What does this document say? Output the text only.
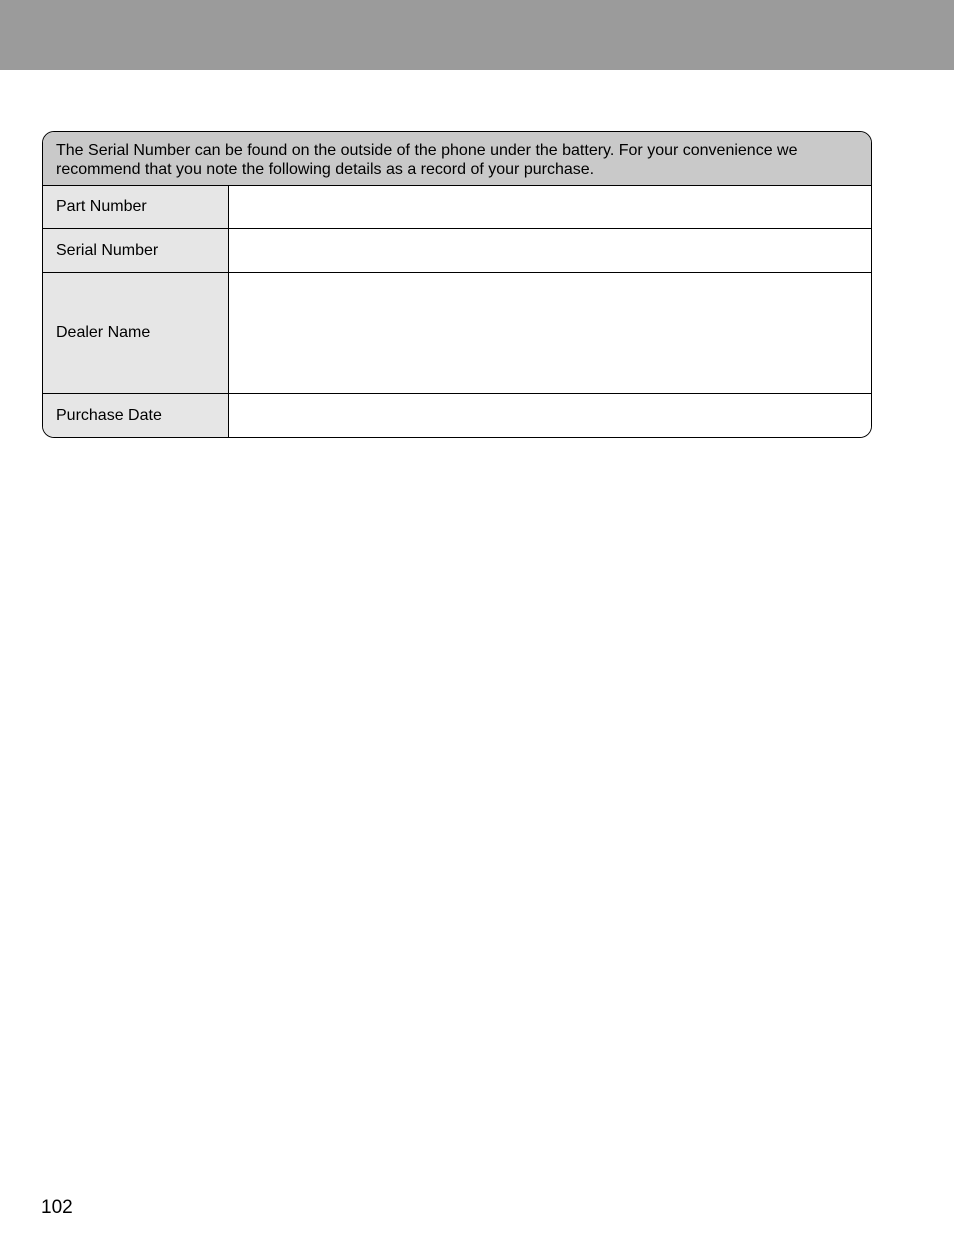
The Serial Number can be found on the outside of the phone under the battery. For your convenience we recommend that you note the following details as a record of your purchase.
Part Number
Serial Number
Dealer Name
Purchase Date
102
